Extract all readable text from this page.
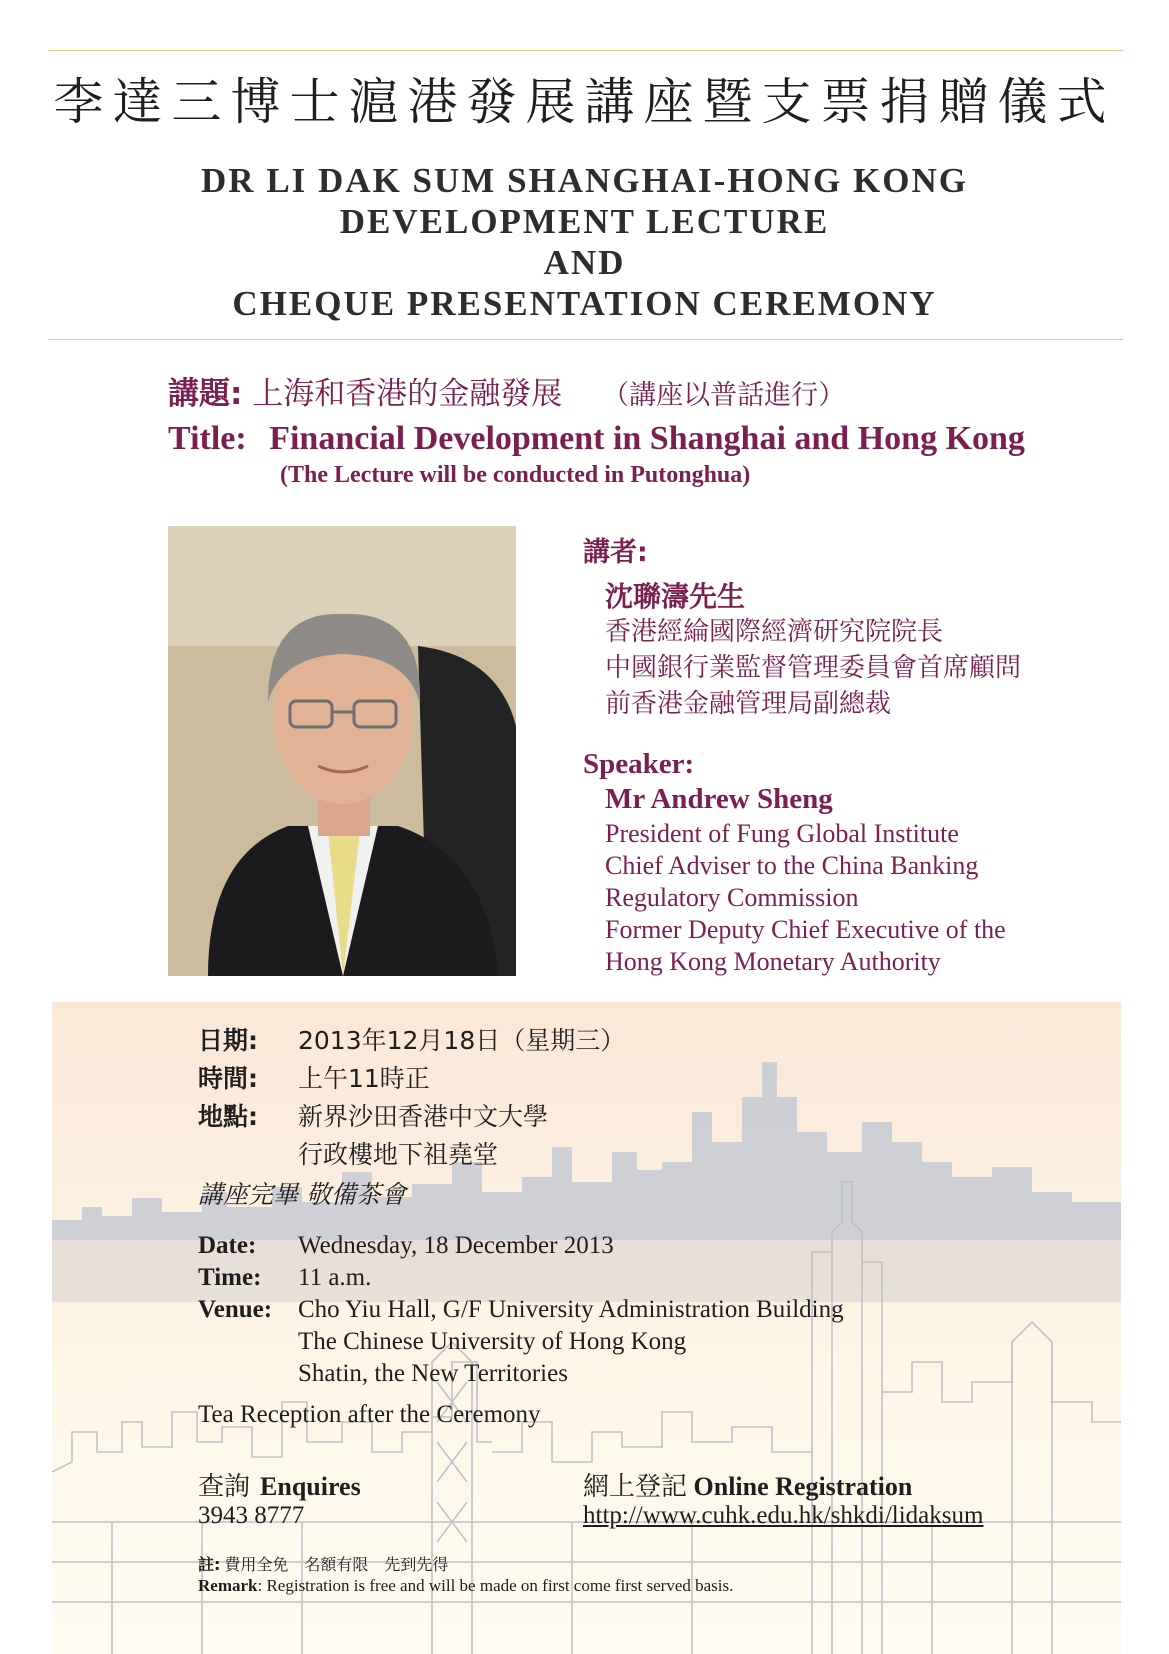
李達三博士滬港發展講座暨支票捐贈儀式
DR LI DAK SUM SHANGHAI-HONG KONG
DEVELOPMENT LECTURE
AND
CHEQUE PRESENTATION CEREMONY
講題: 上海和香港的金融發展 （講座以普話進行）
Title: Financial Development in Shanghai and Hong Kong
(The Lecture will be conducted in Putonghua)
講者:
沈聯濤先生
香港經綸國際經濟研究院院長
中國銀行業監督管理委員會首席顧問
前香港金融管理局副總裁
Speaker:
Mr Andrew Sheng
President of Fung Global Institute
Chief Adviser to the China Banking
Regulatory Commission
Former Deputy Chief Executive of the
Hong Kong Monetary Authority
日期:	2013年12月18日（星期三）
時間:	上午11時正
地點:	新界沙田香港中文大學
行政樓地下祖堯堂
講座完畢 敬備茶會
Date:	Wednesday, 18 December 2013
Time:	11 a.m.
Venue:	Cho Yiu Hall, G/F University Administration Building
The Chinese University of Hong Kong
Shatin, the New Territories
Tea Reception after the Ceremony
查詢 Enquires
3943 8777
網上登記 Online Registration
http://www.cuhk.edu.hk/shkdi/lidaksum
註: 費用全免　名額有限　先到先得
Remark: Registration is free and will be made on first come first served basis.
